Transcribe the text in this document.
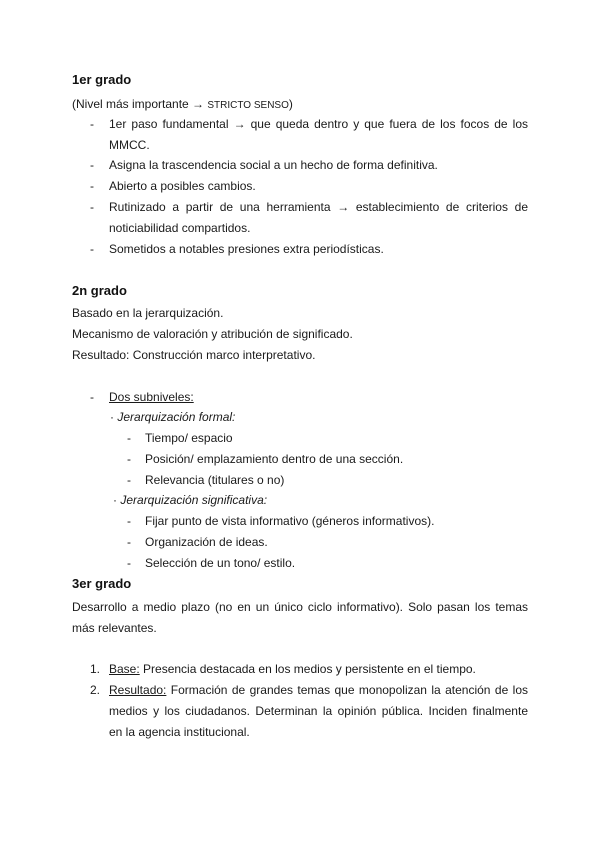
1er grado
(Nivel más importante → STRICTO SENSO)
- 1er paso fundamental → que queda dentro y que fuera de los focos de los
MMCC.
- Asigna la trascendencia social a un hecho de forma definitiva.
- Abierto a posibles cambios.
- Rutinizado a partir de una herramienta → establecimiento de criterios de
noticiabilidad compartidos.
- Sometidos a notables presiones extra periodísticas.
2n grado
Basado en la jerarquización.
Mecanismo de valoración y atribución de significado.
Resultado: Construcción marco interpretativo.
- Dos subniveles:
· Jerarquización formal:
- Tiempo/ espacio
- Posición/ emplazamiento dentro de una sección.
- Relevancia (titulares o no)
· Jerarquización significativa:
- Fijar punto de vista informativo (géneros informativos).
- Organización de ideas.
- Selección de un tono/ estilo.
3er grado
Desarrollo a medio plazo (no en un único ciclo informativo). Solo pasan los temas
más relevantes.
1. Base: Presencia destacada en los medios y persistente en el tiempo.
2. Resultado: Formación de grandes temas que monopolizan la atención de los
medios y los ciudadanos. Determinan la opinión pública. Inciden finalmente
en la agencia institucional.
